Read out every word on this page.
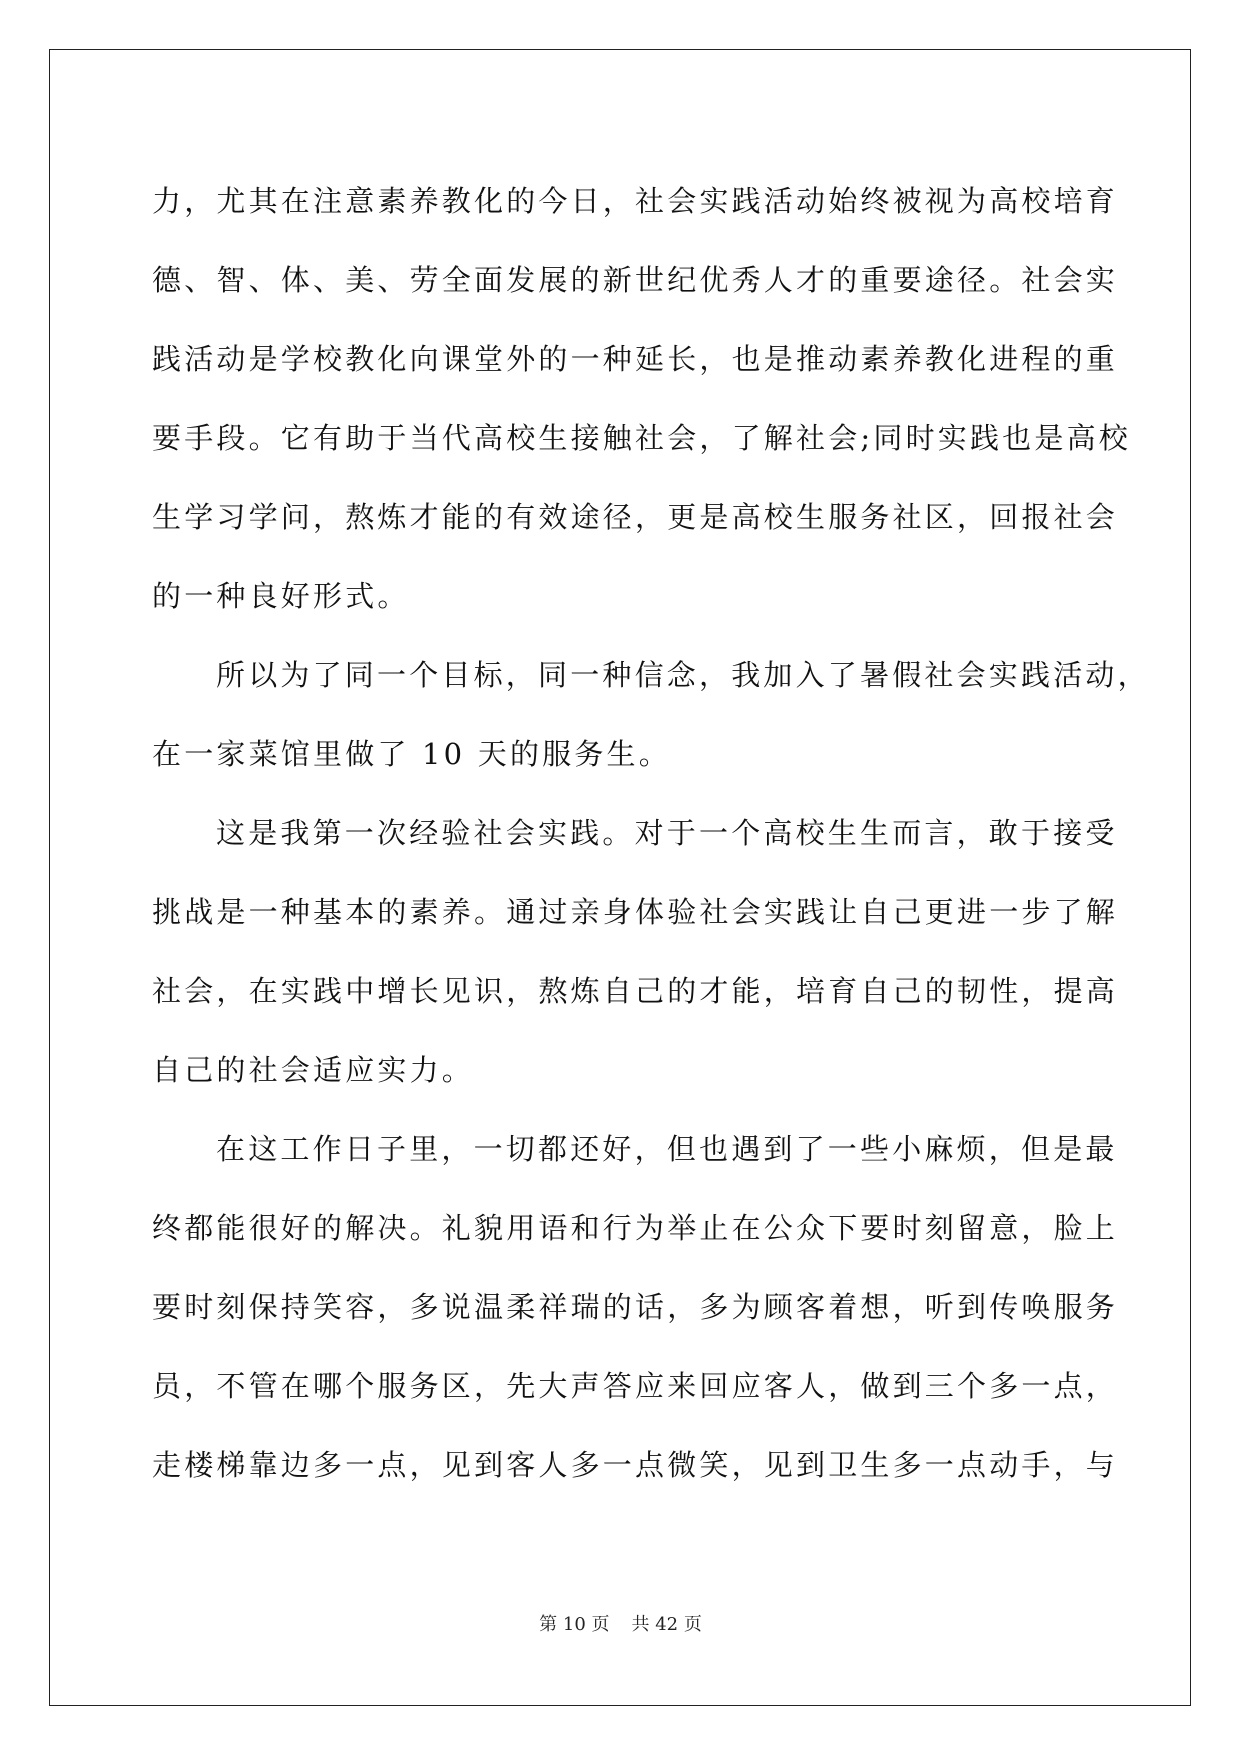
力，尤其在注意素养教化的今日，社会实践活动始终被视为高校培育
德、智、体、美、劳全面发展的新世纪优秀人才的重要途径。社会实
践活动是学校教化向课堂外的一种延长，也是推动素养教化进程的重
要手段。它有助于当代高校生接触社会，了解社会;同时实践也是高校
生学习学问，熬炼才能的有效途径，更是高校生服务社区，回报社会
的一种良好形式。
所以为了同一个目标，同一种信念，我加入了暑假社会实践活动，
在一家菜馆里做了 10 天的服务生。
这是我第一次经验社会实践。对于一个高校生生而言，敢于接受
挑战是一种基本的素养。通过亲身体验社会实践让自己更进一步了解
社会，在实践中增长见识，熬炼自己的才能，培育自己的韧性，提高
自己的社会适应实力。
在这工作日子里，一切都还好，但也遇到了一些小麻烦，但是最
终都能很好的解决。礼貌用语和行为举止在公众下要时刻留意，脸上
要时刻保持笑容，多说温柔祥瑞的话，多为顾客着想，听到传唤服务
员，不管在哪个服务区，先大声答应来回应客人，做到三个多一点，
走楼梯靠边多一点，见到客人多一点微笑，见到卫生多一点动手，与
第 10 页 共 42 页
